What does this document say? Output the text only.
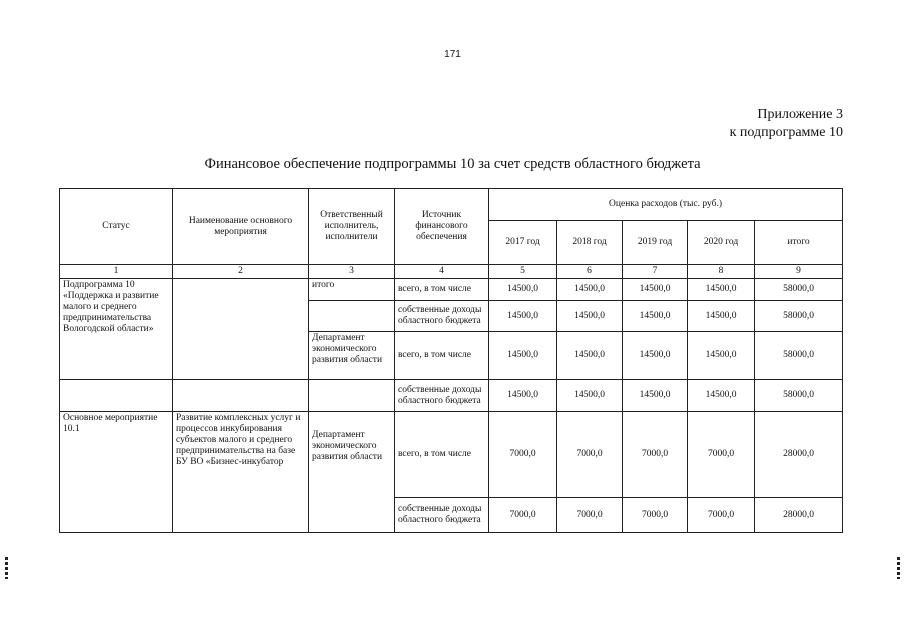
171
Приложение 3
к подпрограмме 10
Финансовое обеспечение подпрограммы 10 за счет средств областного бюджета
Статус	Наименование основного мероприятия	Ответственный исполнитель, исполнители	Источник финансового обеспечения	Оценка расходов (тыс. руб.)				
				2017 год	2018 год	2019 год	2020 год	итого
1	2	3	4	5	6	7	8	9
Подпрограмма 10 «Поддержка и развитие малого и среднего предпринимательства Вологодской области»		итого	всего, в том числе	14500,0	14500,0	14500,0	14500,0	58000,0
			собственные доходы областного бюджета	14500,0	14500,0	14500,0	14500,0	58000,0
		Департамент экономического развития области	всего, в том числе	14500,0	14500,0	14500,0	14500,0	58000,0
			собственные доходы областного бюджета	14500,0	14500,0	14500,0	14500,0	58000,0
Основное мероприятие 10.1	Развитие комплексных услуг и процессов инкубирования субъектов малого и среднего предпринимательства на базе БУ ВО «Бизнес-инкубатор	Департамент экономического развития области	всего, в том числе	7000,0	7000,0	7000,0	7000,0	28000,0
			собственные доходы областного бюджета	7000,0	7000,0	7000,0	7000,0	28000,0
